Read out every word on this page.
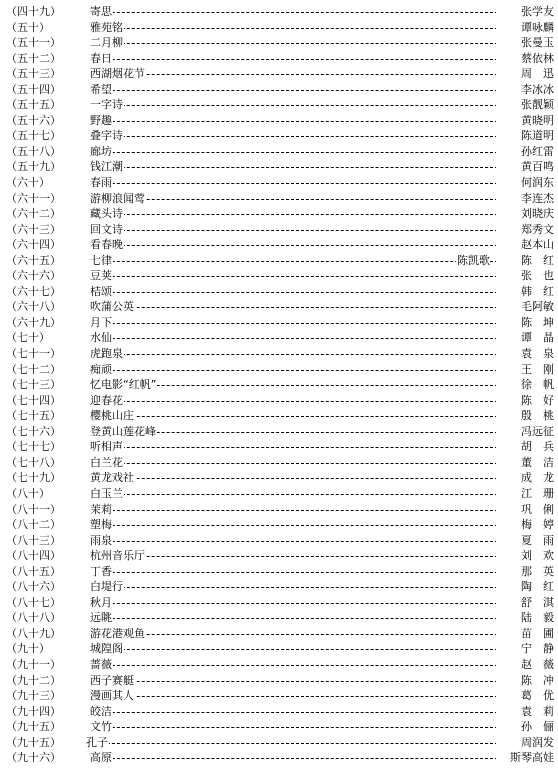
（四十九）	寄思	张学友
（五十）	雅苑铭	谭咏麟
（五十一）	二月柳	张曼玉
（五十二）	春日	蔡依林
（五十三）	西湖烟花节	周　迅
（五十四）	希望	李冰冰
（五十五）	一字诗	张靓颖
（五十六）	野趣	黄晓明
（五十七）	叠字诗	陈道明
（五十八）	廊坊	孙红雷
（五十九）	钱江潮	黄百鸣
（六十）	春雨	何润东
（六十一）	游柳浪闻莺	李连杰
（六十二）	藏头诗	刘晓庆
（六十三）	回文诗	郑秀文
（六十四）	看春晚	赵本山
（六十五）	七律	陈凯歌	陈　红
（六十六）	豆荚	张　也
（六十七）	桔颂	韩　红
（六十八）	吹蒲公英	毛阿敏
（六十九）	月下	陈　坤
（七十）	水仙	谭　晶
（七十一）	虎跑泉	袁　泉
（七十二）	痴顽	王　刚
（七十三）	忆电影“红帆”	徐　帆
（七十四）	迎春花	陈　好
（七十五）	樱桃山庄	殷　桃
（七十六）	登黄山莲花峰	冯远征
（七十七）	听相声	胡　兵
（七十八）	白兰花	董　洁
（七十九）	黄龙戏社	成　龙
（八十）	白玉兰	江　珊
（八十一）	茉莉	巩　俐
（八十二）	塑梅	梅　婷
（八十三）	雨泉	夏　雨
（八十四）	杭州音乐厅	刘　欢
（八十五）	丁香	那　英
（八十六）	白堤行	陶　红
（八十七）	秋月	舒　淇
（八十八）	远眺	陆　毅
（八十九）	游花港观鱼	苗　圃
（九十）	城隍阁	宁　静
（九十一）	蔷薇	赵　薇
（九十二）	西子赛艇	陈　冲
（九十三）	漫画其人	葛　优
（九十四）	皎洁	袁　莉
（九十五）	文竹	孙　俪
（九十五） 孔子	周润发
（九十六）	高原	斯琴高娃
